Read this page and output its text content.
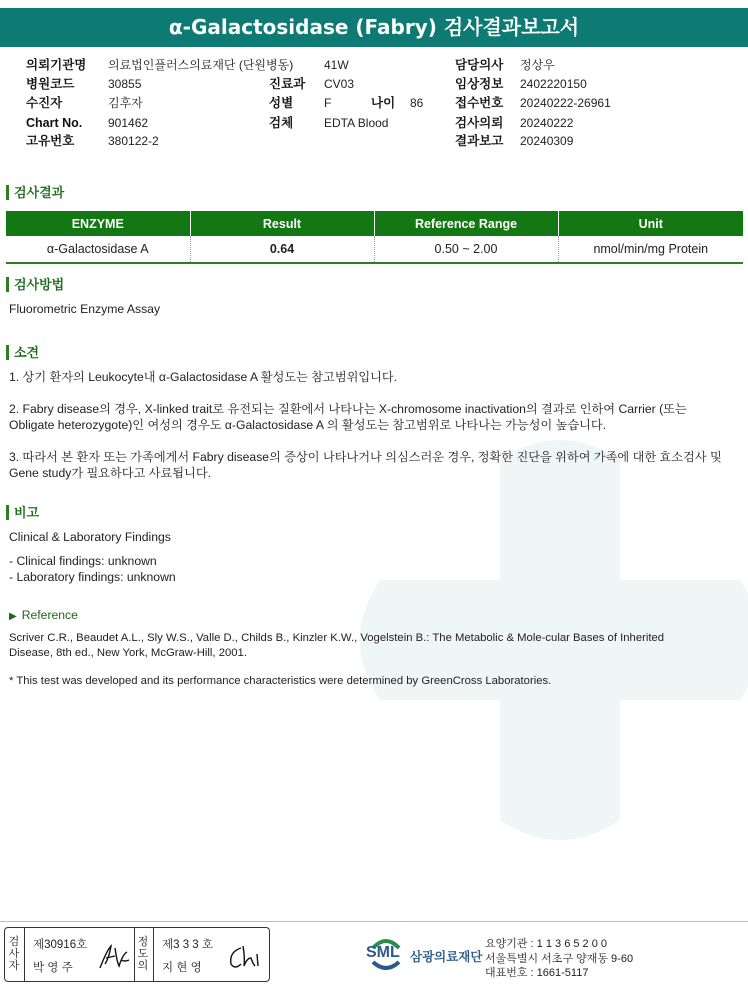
α-Galactosidase (Fabry) 검사결과보고서
의뢰기관명 의료법인플러스의료재단 (단원병동)	41W	담당의사 정상우
병원코드	30855	진료과 CV03	임상정보 2402220150
수진자	김후자	성별	F	나이 86	접수번호 20240222-26961
Chart No. 901462	검체	EDTA Blood	검사의뢰 20240222
고유번호	380122-2	결과보고 20240309
검사결과
ENZYME	Result	Reference Range	Unit
α-Galactosidase A	0.64	0.50 ~ 2.00	nmol/min/mg Protein
검사방법
Fluorometric Enzyme Assay
소견
1. 상기 환자의 Leukocyte내 α-Galactosidase A 활성도는 참고범위입니다.
2. Fabry disease의 경우, X-linked trait로 유전되는 질환에서 나타나는 X-chromosome inactivation의 결과로 인하여 Carrier (또는
Obligate heterozygote)인 여성의 경우도 α-Galactosidase A 의 활성도는 참고범위로 나타나는 가능성이 높습니다.
3. 따라서 본 환자 또는 가족에게서 Fabry disease의 증상이 나타나거나 의심스러운 경우, 정확한 진단을 위하여 가족에 대한 효소검사 및
Gene study가 필요하다고 사료됩니다.
비고
Clinical & Laboratory Findings
- Clinical findings: unknown
- Laboratory findings: unknown
▶ Reference
Scriver C.R., Beaudet A.L., Sly W.S., Valle D., Childs B., Kinzler K.W., Vogelstein B.: The Metabolic & Mole-cular Bases of Inherited
Disease, 8th ed., New York, McGraw-Hill, 2001.
* This test was developed and its performance characteristics were determined by GreenCross Laboratories.
검
사
자
제30916호
박 영 주
정
도
의
제3 3 3 호
지 현 영
SML 삼광의료재단
요양기관 : 1 1 3 6 5 2 0 0
서울특별시 서초구 양재동 9-60
대표번호 : 1661-5117
